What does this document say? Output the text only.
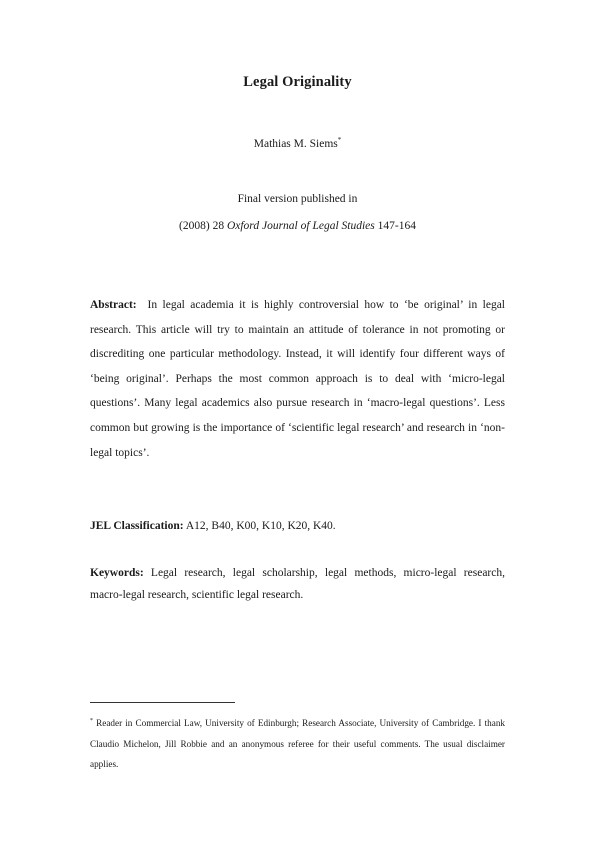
Legal Originality
Mathias M. Siems*
Final version published in
(2008) 28 Oxford Journal of Legal Studies 147-164
Abstract: In legal academia it is highly controversial how to ‘be original’ in legal research. This article will try to maintain an attitude of tolerance in not promoting or discrediting one particular methodology. Instead, it will identify four different ways of ‘being original’. Perhaps the most common approach is to deal with ‘micro-legal questions’. Many legal academics also pursue research in ‘macro-legal questions’. Less common but growing is the importance of ‘scientific legal research’ and research in ‘non-legal topics’.
JEL Classification: A12, B40, K00, K10, K20, K40.
Keywords: Legal research, legal scholarship, legal methods, micro-legal research, macro-legal research, scientific legal research.
* Reader in Commercial Law, University of Edinburgh; Research Associate, University of Cambridge. I thank Claudio Michelon, Jill Robbie and an anonymous referee for their useful comments. The usual disclaimer applies.
